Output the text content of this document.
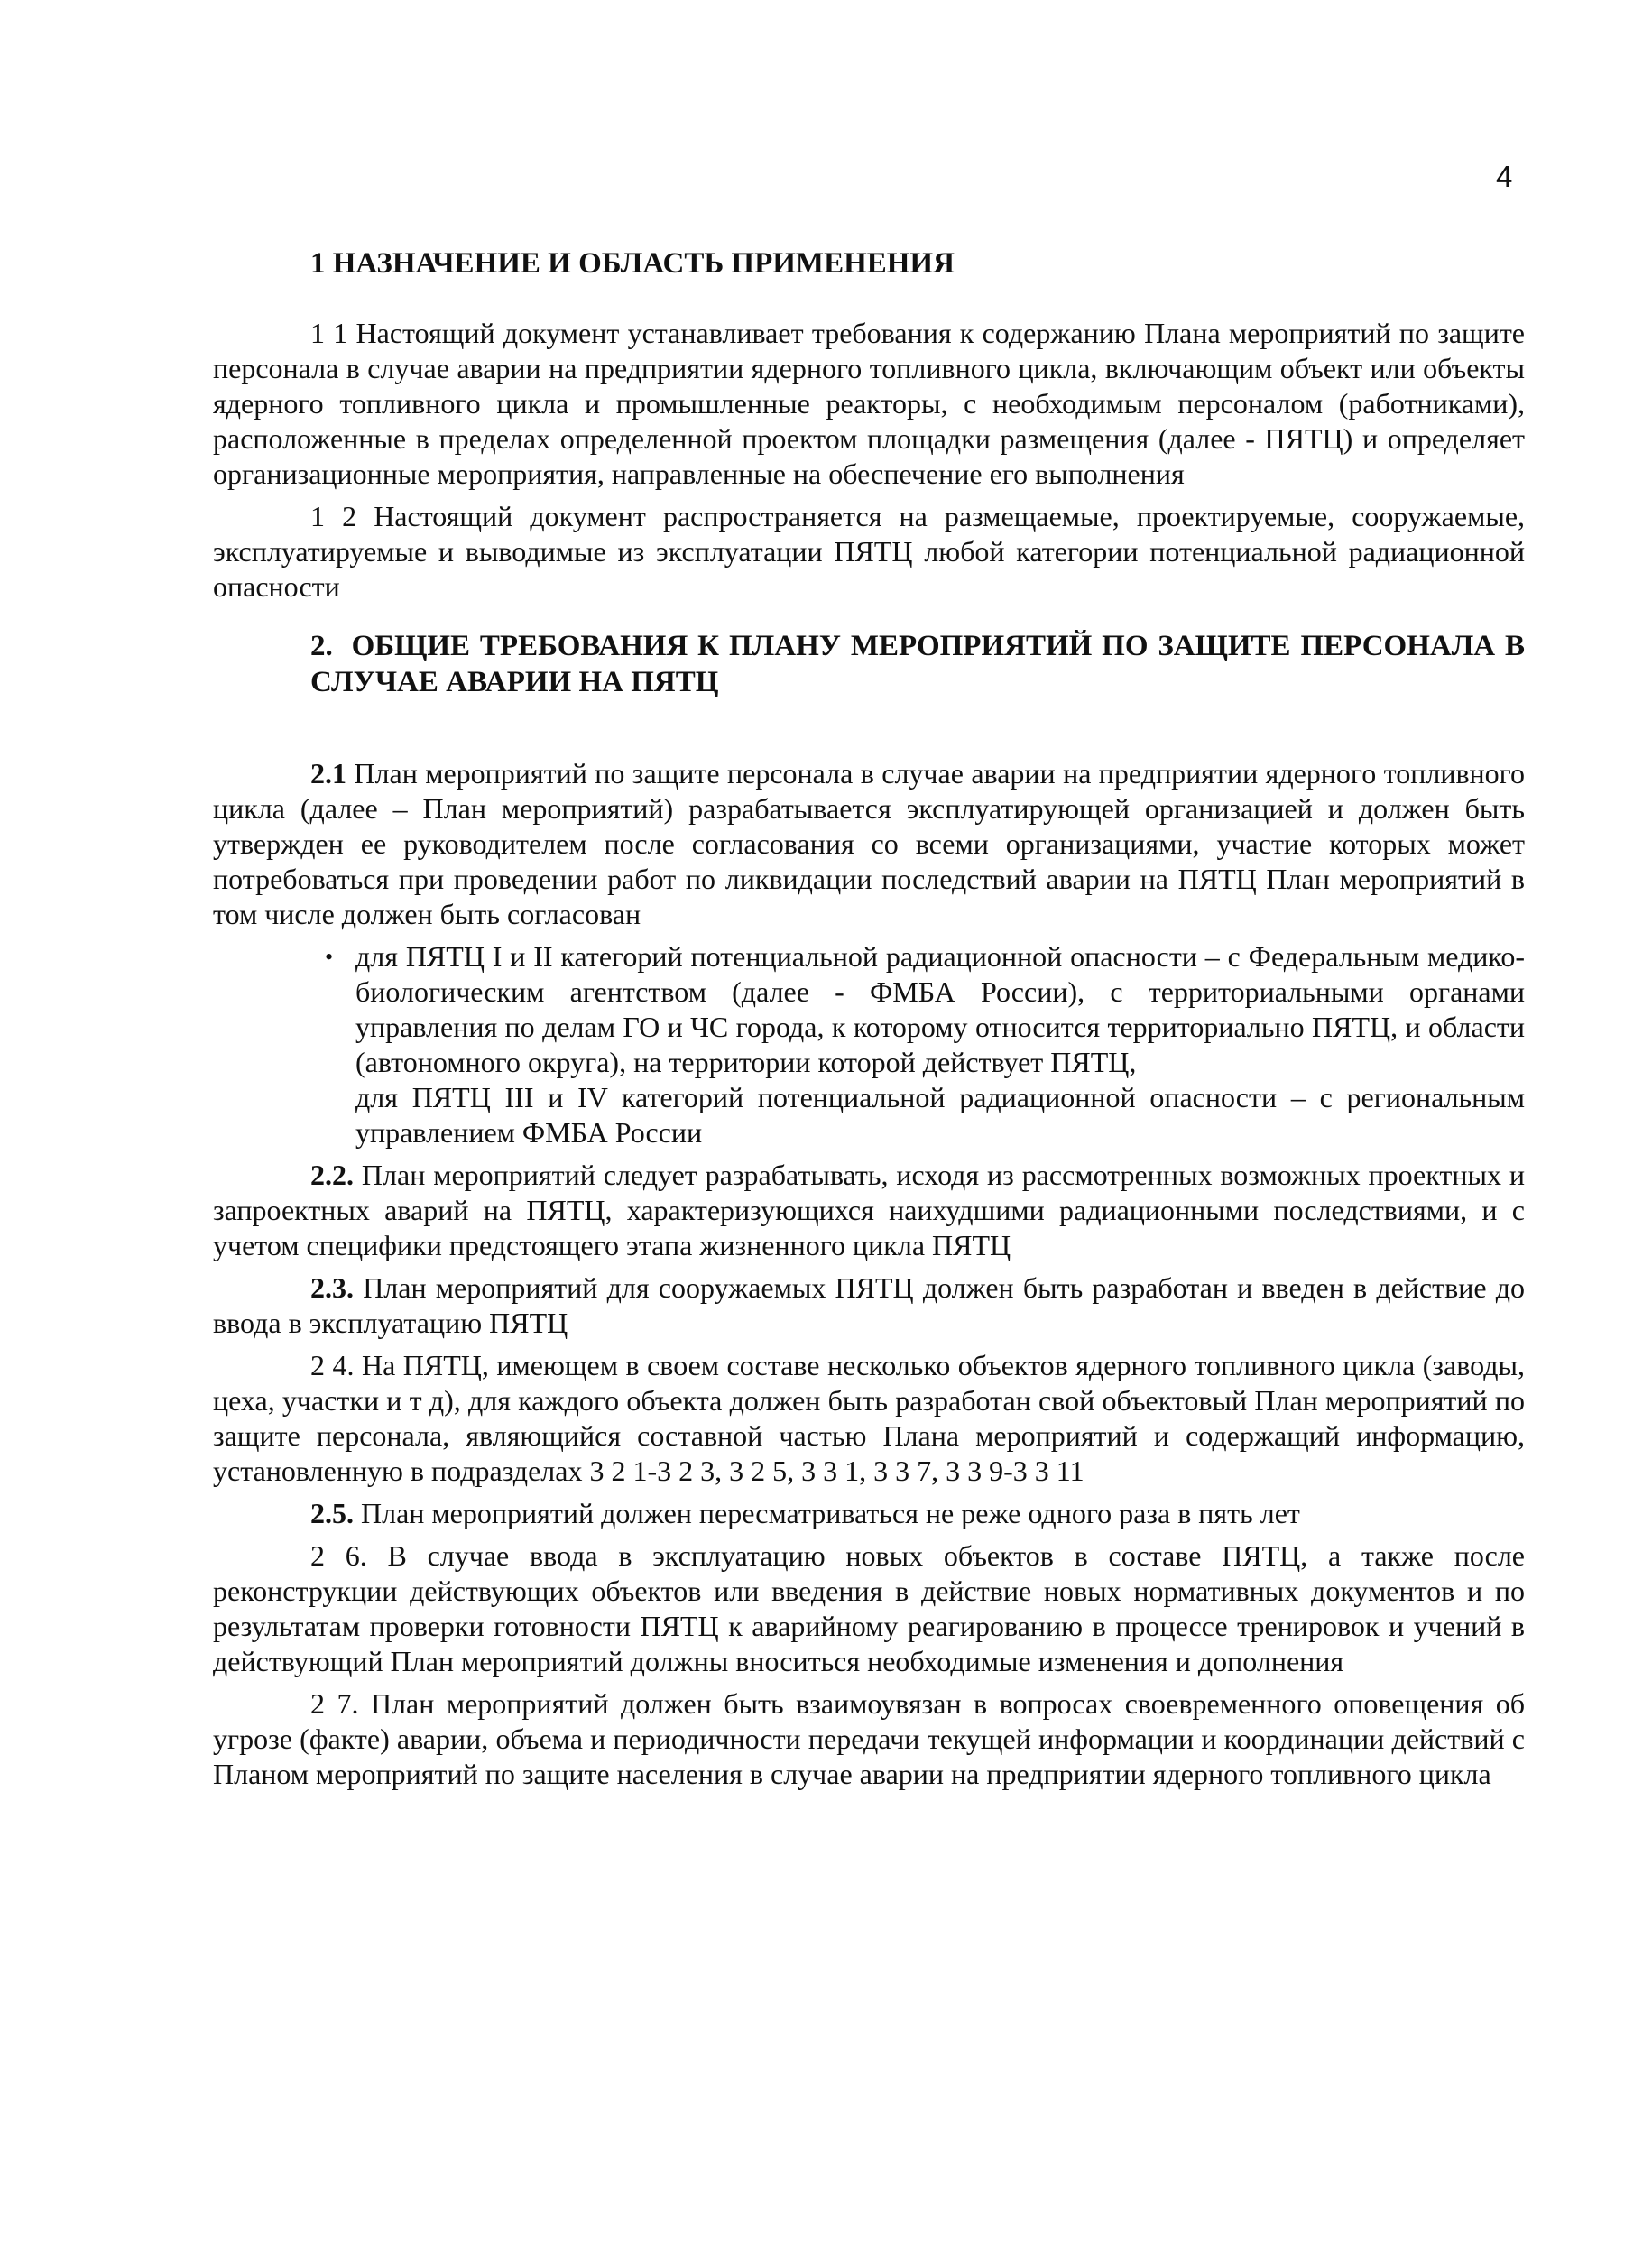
4
1 НАЗНАЧЕНИЕ И ОБЛАСТЬ ПРИМЕНЕНИЯ

1 1 Настоящий документ устанавливает требования к содержанию Плана мероприятий по защите персонала в случае аварии на предприятии ядерного топливного цикла, включающим объект или объекты ядерного топливного цикла и промышленные реакторы, с необходимым персоналом (работниками), расположенные в пределах определенной проектом площадки размещения (далее - ПЯТЦ) и определяет организационные мероприятия, направленные на обеспечение его выполнения

1 2 Настоящий документ распространяется на размещаемые, проектируемые, сооружаемые, эксплуатируемые и выводимые из эксплуатации ПЯТЦ любой категории потенциальной радиационной опасности

2. ОБЩИЕ ТРЕБОВАНИЯ К ПЛАНУ МЕРОПРИЯТИЙ ПО ЗАЩИТЕ ПЕРСОНАЛА В СЛУЧАЕ АВАРИИ НА ПЯТЦ

2.1 План мероприятий по защите персонала в случае аварии на предприятии ядерного топливного цикла (далее – План мероприятий) разрабатывается эксплуатирующей организацией и должен быть утвержден ее руководителем после согласования со всеми организациями, участие которых может потребоваться при проведении работ по ликвидации последствий аварии на ПЯТЦ План мероприятий в том числе должен быть согласован

• для ПЯТЦ I и II категорий потенциальной радиационной опасности – с Федеральным медико-биологическим агентством (далее - ФМБА России), с территориальными органами управления по делам ГО и ЧС города, к которому относится территориально ПЯТЦ, и области (автономного округа), на территории которой действует ПЯТЦ,
для ПЯТЦ III и IV категорий потенциальной радиационной опасности – с региональным управлением ФМБА России

2.2. План мероприятий следует разрабатывать, исходя из рассмотренных возможных проектных и запроектных аварий на ПЯТЦ, характеризующихся наихудшими радиационными последствиями, и с учетом специфики предстоящего этапа жизненного цикла ПЯТЦ

2.3. План мероприятий для сооружаемых ПЯТЦ должен быть разработан и введен в действие до ввода в эксплуатацию ПЯТЦ

2 4. На ПЯТЦ, имеющем в своем составе несколько объектов ядерного топливного цикла (заводы, цеха, участки и т д), для каждого объекта должен быть разработан свой объектовый План мероприятий по защите персонала, являющийся составной частью Плана мероприятий и содержащий информацию, установленную в подразделах 3 2 1-3 2 3, 3 2 5, 3 3 1, 3 3 7, 3 3 9-3 3 11

2.5. План мероприятий должен пересматриваться не реже одного раза в пять лет

2 6. В случае ввода в эксплуатацию новых объектов в составе ПЯТЦ, а также после реконструкции действующих объектов или введения в действие новых нормативных документов и по результатам проверки готовности ПЯТЦ к аварийному реагированию в процессе тренировок и учений в действующий План мероприятий должны вноситься необходимые изменения и дополнения

2 7. План мероприятий должен быть взаимоувязан в вопросах своевременного оповещения об угрозе (факте) аварии, объема и периодичности передачи текущей информации и координации действий с Планом мероприятий по защите населения в случае аварии на предприятии ядерного топливного цикла
